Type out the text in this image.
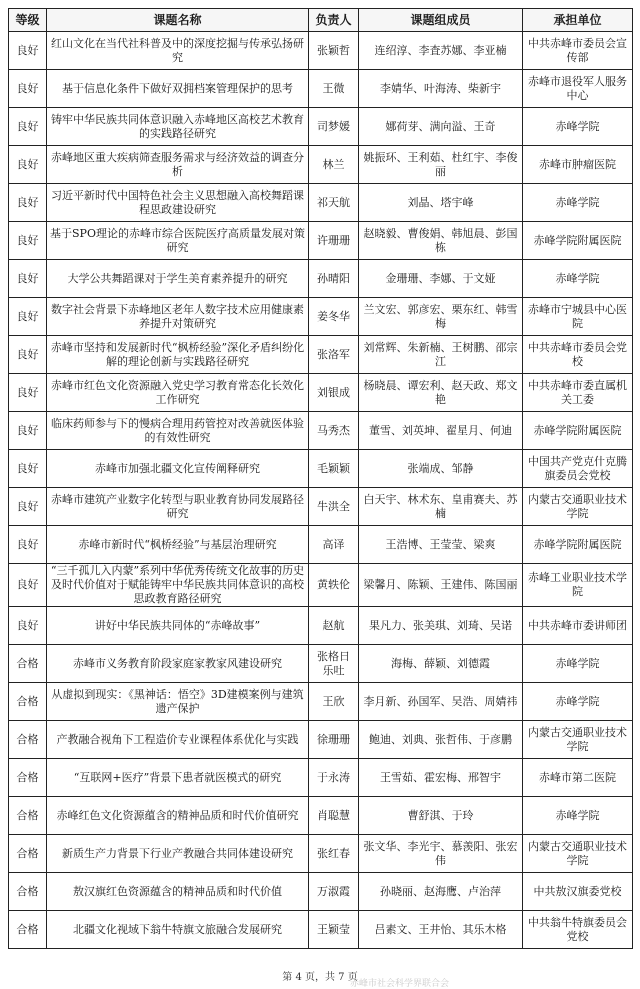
等级	课题名称	负责人	课题组成员	承担单位
良好	红山文化在当代社科普及中的深度挖掘与传承弘扬研究	张颖哲	连绍淳、李査苏娜、李亚楠	中共赤峰市委员会宣传部
良好	基于信息化条件下做好双拥档案管理保护的思考	王微	李婧华、叶海涛、柴新宇	赤峰市退役军人服务中心
良好	铸牢中华民族共同体意识融入赤峰地区高校艺术教育的实践路径研究	司梦媛	娜荷芽、满向溢、王奇	赤峰学院
良好	赤峰地区重大疾病筛查服务需求与经济效益的调查分析	林兰	姚振环、王利茹、杜红宇、李俊丽	赤峰市肿瘤医院
良好	习近平新时代中国特色社会主义思想融入高校舞蹈课程思政建设研究	祁天航	刘晶、塔宇峰	赤峰学院
良好	基于SPO理论的赤峰市综合医院医疗高质量发展对策研究	许珊珊	赵晓毅、曹俊娟、韩旭晨、彭国栋	赤峰学院附属医院
良好	大学公共舞蹈课对于学生美育素养提升的研究	孙晴阳	金珊珊、李娜、于文娅	赤峰学院
良好	数字社会背景下赤峰地区老年人数字技术应用健康素养提升对策研究	姜冬华	兰文宏、郭彦宏、栗东红、韩雪梅	赤峰市宁城县中心医院
良好	赤峰市坚持和发展新时代“枫桥经验”深化矛盾纠纷化解的理论创新与实践路径研究	张洛军	刘常辉、朱新楠、王树鹏、邵宗江	中共赤峰市委员会党校
良好	赤峰市红色文化资源融入党史学习教育常态化长效化工作研究	刘银成	杨晓晨、谭宏利、赵天政、郑文艳	中共赤峰市委直属机关工委
良好	临床药师参与下的慢病合理用药管控对改善就医体验的有效性研究	马秀杰	董雪、刘英坤、翟星月、何迪	赤峰学院附属医院
良好	赤峰市加强北疆文化宣传阐释研究	毛颖颖	张端成、邹静	中国共产党克什克腾旗委员会党校
良好	赤峰市建筑产业数字化转型与职业教育协同发展路径研究	牛洪全	白天宇、林术东、皇甫赛夫、苏楠	内蒙古交通职业技术学院
良好	赤峰市新时代“枫桥经验”与基层治理研究	高译	王浩博、王莹莹、梁爽	赤峰学院附属医院
良好	“三千孤儿入内蒙”系列中华优秀传统文化故事的历史及时代价值对于赋能铸牢中华民族共同体意识的高校思政教育路径研究	黄轶伦	梁馨月、陈颖、王建伟、陈国丽	赤峰工业职业技术学院
良好	讲好中华民族共同体的“赤峰故事”	赵航	果凡力、张美琪、刘琦、吴诺	中共赤峰市委讲师团
合格	赤峰市义务教育阶段家庭家教家风建设研究	张格日乐吐	海梅、薛颖、刘德霞	赤峰学院
合格	从虚拟到现实：《黑神话：悟空》3D建模案例与建筑遗产保护	王欣	李月新、孙国军、吴浩、周婧祎	赤峰学院
合格	产教融合视角下工程造价专业课程体系优化与实践	徐珊珊	鲍迪、刘典、张哲伟、于彦鹏	内蒙古交通职业技术学院
合格	“互联网+医疗”背景下患者就医模式的研究	于永涛	王雪茹、霍宏梅、邢智宇	赤峰市第二医院
合格	赤峰红色文化资源蕴含的精神品质和时代价值研究	肖聪慧	曹舒淇、于玲	赤峰学院
合格	新质生产力背景下行业产教融合共同体建设研究	张红春	张文华、李光宇、慕羡阳、张宏伟	内蒙古交通职业技术学院
合格	敖汉旗红色资源蕴含的精神品质和时代价值	万淑霞	孙晓丽、赵海鹰、卢治萍	中共敖汉旗委党校
合格	北疆文化视域下翁牛特旗文旅融合发展研究	王颖莹	吕素文、王井怡、其乐木格	中共翁牛特旗委员会党校
第 4 页，共 7 页
赤峰市社会科学界联合会
